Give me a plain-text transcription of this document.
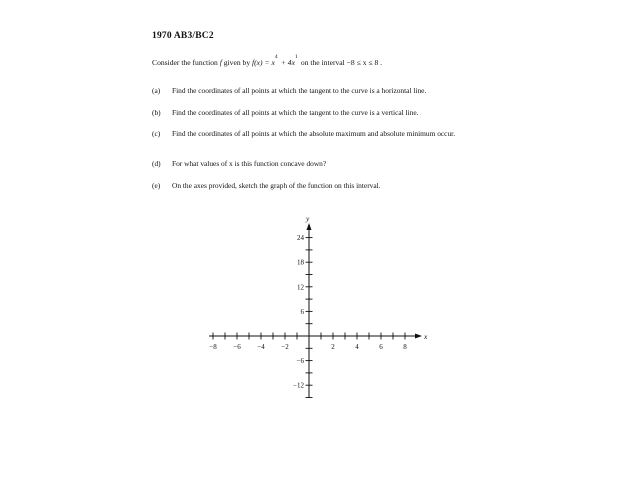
1970 AB3/BC2
Consider the function f given by f(x) = x
4
+ 4x
1
on the interval −8 ≤ x ≤ 8 .
(a) Find the coordinates of all points at which the tangent to the curve is a horizontal line.
(b) Find the coordinates of all points at which the tangent to the curve is a vertical line.
(c) Find the coordinates of all points at which the absolute maximum and absolute minimum occur.
(d) For what values of x is this function concave down?
(e) On the axes provided, sketch the graph of the function on this interval.
−8 −6 −4 −2	2	4	6	8
24
18
12
6
−6
−12
x
y
